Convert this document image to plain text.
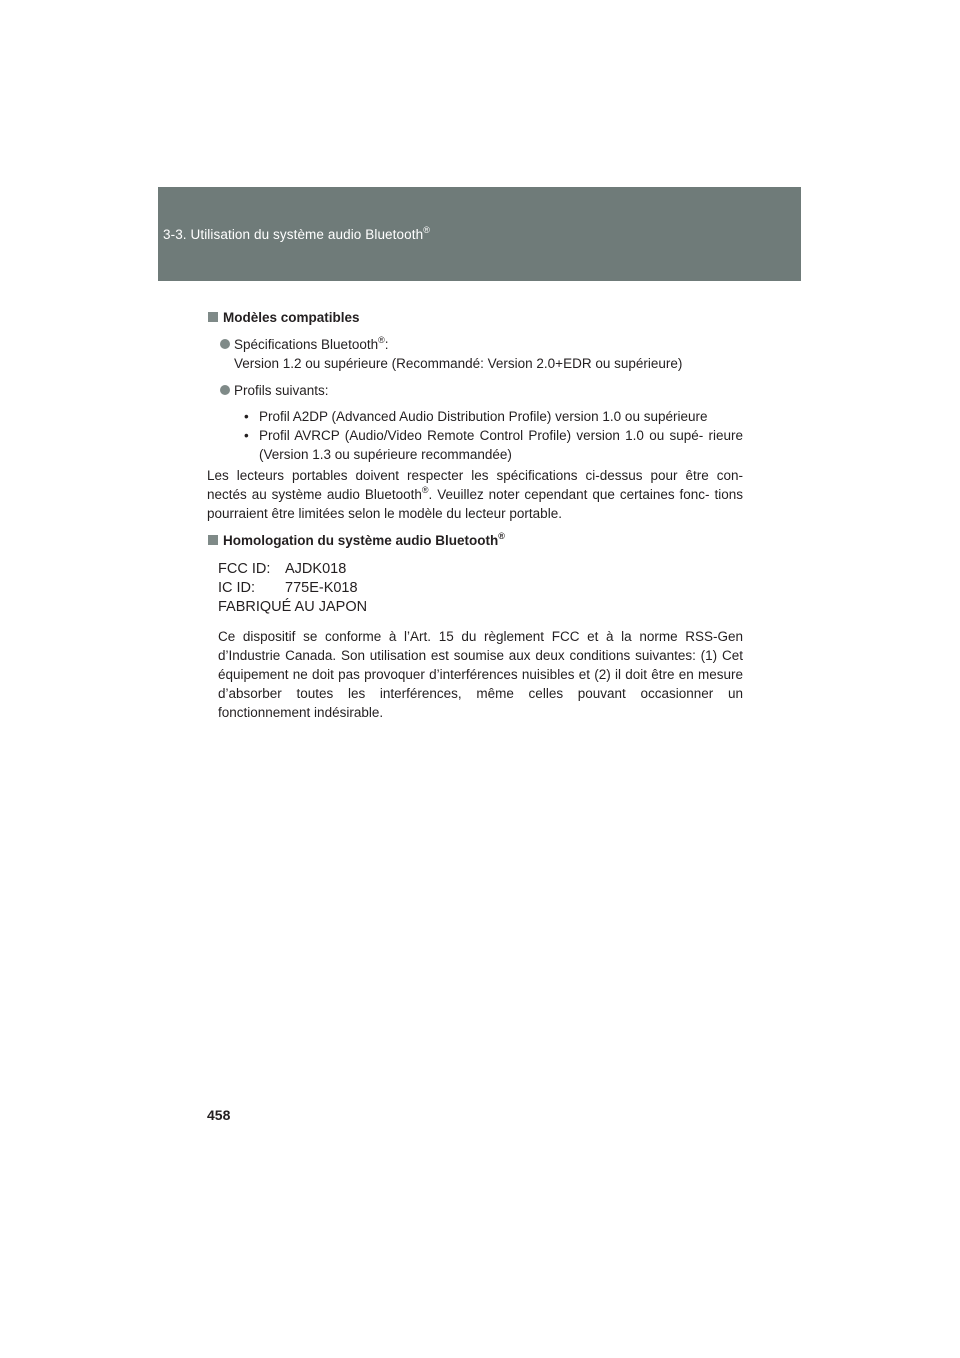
3-3. Utilisation du système audio Bluetooth®
Modèles compatibles
Spécifications Bluetooth®:
Version 1.2 ou supérieure (Recommandé: Version 2.0+EDR ou supérieure)
Profils suivants:
• Profil A2DP (Advanced Audio Distribution Profile) version 1.0 ou supérieure
• Profil AVRCP (Audio/Video Remote Control Profile) version 1.0 ou supé- rieure (Version 1.3 ou supérieure recommandée)
Les lecteurs portables doivent respecter les spécifications ci-dessus pour être con- nectés au système audio Bluetooth®. Veuillez noter cependant que certaines fonc- tions pourraient être limitées selon le modèle du lecteur portable.
Homologation du système audio Bluetooth®
FCC ID:	AJDK018
IC ID:	775E-K018
FABRIQUÉ AU JAPON
Ce dispositif se conforme à l’Art. 15 du règlement FCC et à la norme RSS-Gen d’Industrie Canada. Son utilisation est soumise aux deux conditions suivantes: (1) Cet équipement ne doit pas provoquer d’interférences nuisibles et (2) il doit être en mesure d’absorber toutes les interférences, même celles pouvant occasionner un fonctionnement indésirable.
458
